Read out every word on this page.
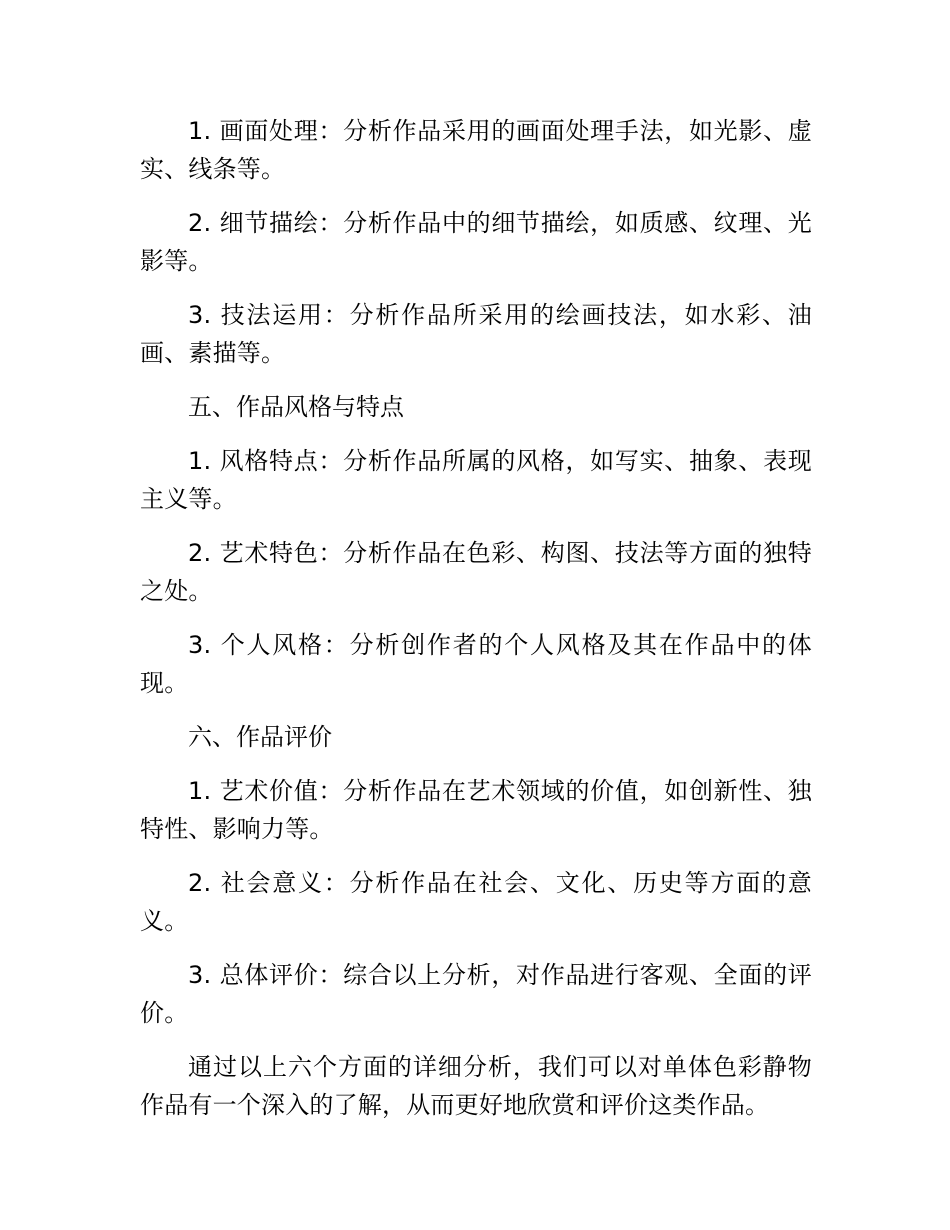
1. 画面处理：分析作品采用的画面处理手法，如光影、虚实、线条等。

2. 细节描绘：分析作品中的细节描绘，如质感、纹理、光影等。

3. 技法运用：分析作品所采用的绘画技法，如水彩、油画、素描等。

五、作品风格与特点

1. 风格特点：分析作品所属的风格，如写实、抽象、表现主义等。

2. 艺术特色：分析作品在色彩、构图、技法等方面的独特之处。

3. 个人风格：分析创作者的个人风格及其在作品中的体现。

六、作品评价

1. 艺术价值：分析作品在艺术领域的价值，如创新性、独特性、影响力等。

2. 社会意义：分析作品在社会、文化、历史等方面的意义。

3. 总体评价：综合以上分析，对作品进行客观、全面的评价。

通过以上六个方面的详细分析，我们可以对单体色彩静物作品有一个深入的了解，从而更好地欣赏和评价这类作品。
